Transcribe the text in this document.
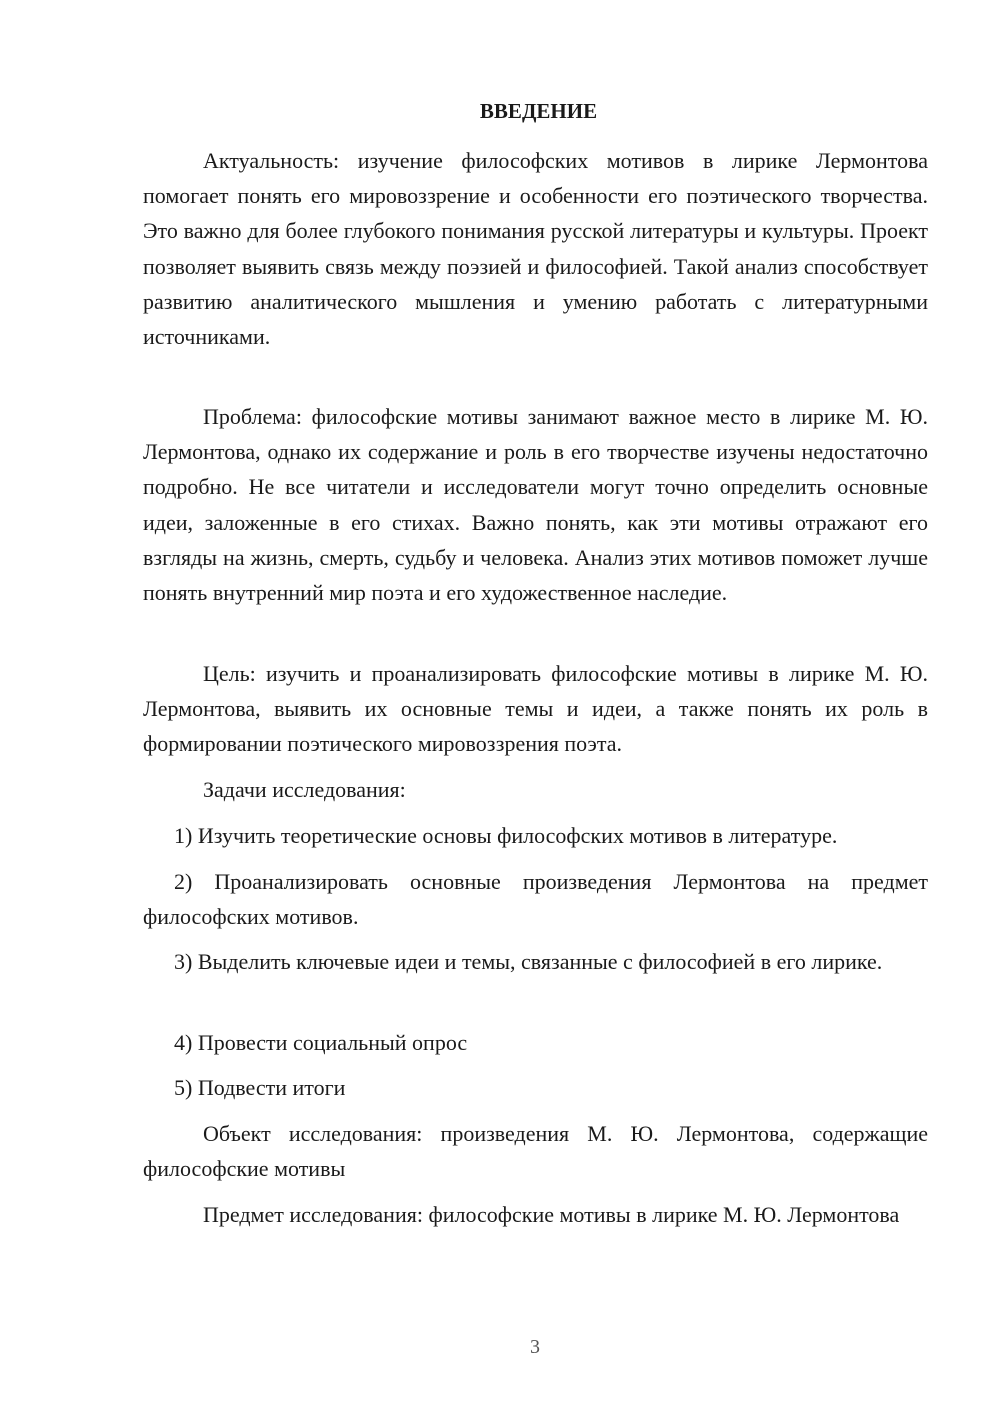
ВВЕДЕНИЕ

Актуальность: изучение философских мотивов в лирике Лермонтова помогает понять его мировоззрение и особенности его поэтического творчества. Это важно для более глубокого понимания русской литературы и культуры. Проект позволяет выявить связь между поэзией и философией. Такой анализ способствует развитию аналитического мышления и умению работать с литературными источниками.

Проблема: философские мотивы занимают важное место в лирике М. Ю. Лермонтова, однако их содержание и роль в его творчестве изучены недостаточно подробно. Не все читатели и исследователи могут точно определить основные идеи, заложенные в его стихах. Важно понять, как эти мотивы отражают его взгляды на жизнь, смерть, судьбу и человека. Анализ этих мотивов поможет лучше понять внутренний мир поэта и его художественное наследие.

Цель: изучить и проанализировать философские мотивы в лирике М. Ю. Лермонтова, выявить их основные темы и идеи, а также понять их роль в формировании поэтического мировоззрения поэта.

Задачи исследования:

1) Изучить теоретические основы философских мотивов в литературе.

2) Проанализировать основные произведения Лермонтова на предмет философских мотивов.

3) Выделить ключевые идеи и темы, связанные с философией в его лирике.

4) Провести социальный опрос

5) Подвести итоги

Объект исследования: произведения М. Ю. Лермонтова, содержащие философские мотивы

Предмет исследования: философские мотивы в лирике М. Ю. Лермонтова

3
